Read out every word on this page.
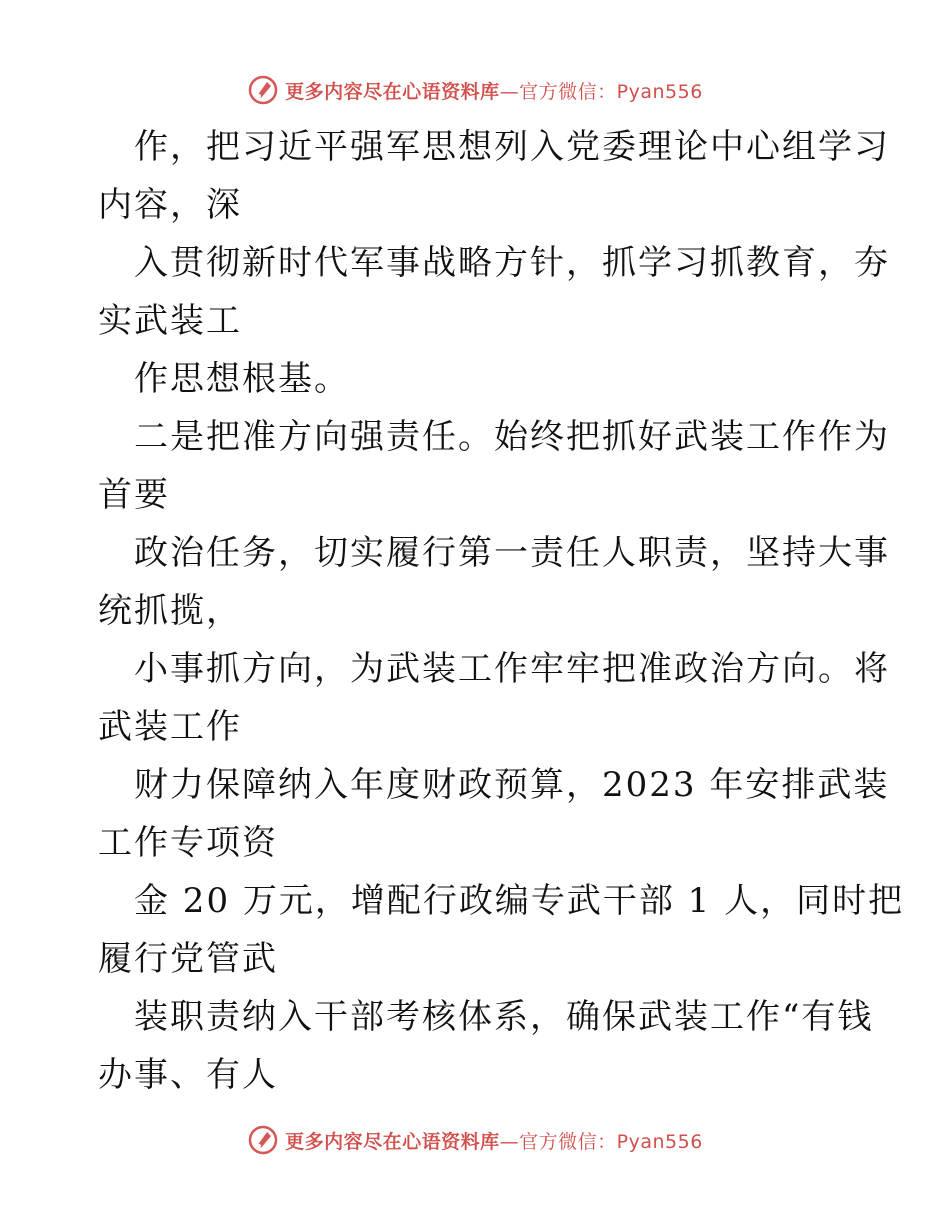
更多内容尽在心语资料库—官方微信：Pyan556
作，把习近平强军思想列入党委理论中心组学习
内容，深
入贯彻新时代军事战略方针，抓学习抓教育，夯
实武装工
作思想根基。
二是把准方向强责任。始终把抓好武装工作作为
首要
政治任务，切实履行第一责任人职责，坚持大事
统抓揽，
小事抓方向，为武装工作牢牢把准政治方向。将
武装工作
财力保障纳入年度财政预算，2023 年安排武装
工作专项资
金 20 万元，增配行政编专武干部 1 人，同时把
履行党管武
装职责纳入干部考核体系，确保武装工作“有钱
办事、有人
更多内容尽在心语资料库—官方微信：Pyan556
